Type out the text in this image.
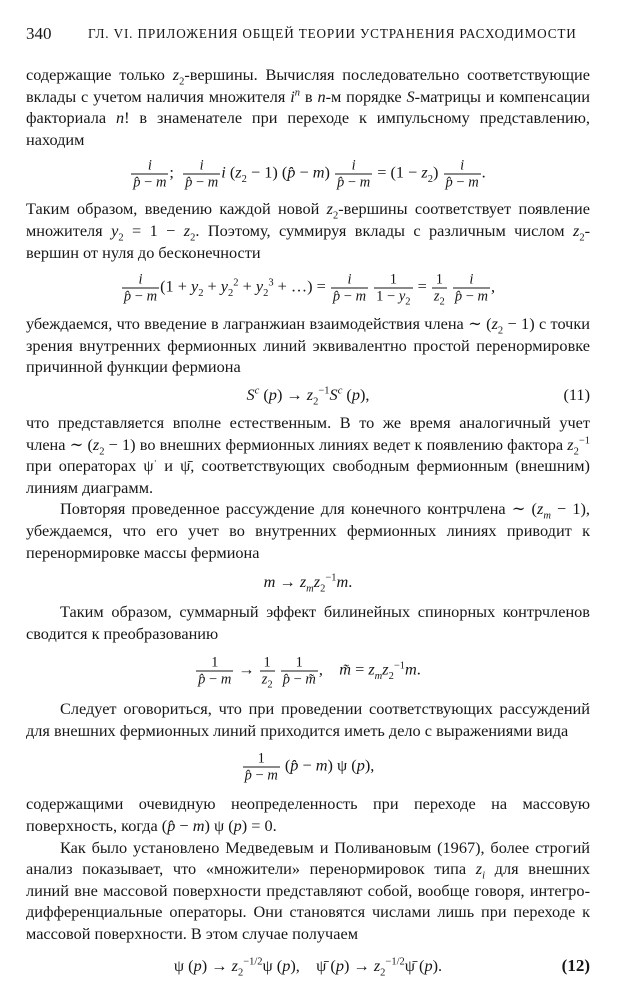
340	ГЛ. VI. ПРИЛОЖЕНИЯ ОБЩЕЙ ТЕОРИИ УСТРАНЕНИЯ РАСХОДИМОСТИ

содержащие только $z_2$-вершины. Вычисляя последовательно соответствующие вклады с учетом наличия множителя $i^n$ в n-м порядке S-матрицы и компенсации факториала n! в знаменателе при переходе к импульсному представлению, находим

$\frac{i}{p̂ - m}$ ; $\frac{i}{p̂ - m}$ i $(z_2 - 1)$ (p̂ − $m) \frac{i}{p̂ - m} = (1 - z_2) \frac{i}{p̂ - m}$ .

Таким образом, введению каждой новой $z_2$-вершины соответствует появление множителя $y_2 = 1 - z_2$. Поэтому, суммируя вклады с различным числом $z_2$-вершин от нуля до бесконечности

$\frac{i}{p̂ - m} (1 + y_2 + y_2^2 + y_2^3$ + …) = $\frac{i}{p̂ - m}$
$\frac{1}{1 - y_2} = \frac{1}{z_2}$
$\frac{i}{p̂ - m}$ ,

убеждаемся, что введение в лагранжиан взаимодействия члена ∼ $(z_2 - 1)$ с точки зрения внутренних фермионных линий эквивалентно простой перенормировке причинной функции фермиона

$S^c$ $(p) \to z_2^{-1}S^c$ (p),	(11)

что представляется вполне естественным. В то же время аналогичный учет члена ∼ $(z_2 - 1)$ во внешних фермионных линиях ведет к появлению фактора $z_2^{-1}$ при операторах ψ· и ψ̄, соответствующих свободным фермионным (внешним) линиям диаграмм.

Повторяя проведенное рассуждение для конечного контрчлена ∼ $(z_m - 1)$, убеждаемся, что его учет во внутренних фермионных линиях приводит к перенормировке массы фермиона

$m \to z_mz_2^{-1}m$.

Таким образом, суммарный эффект билинейных спинорных контрчленов сводится к преобразованию

$\frac{1}{p̂ - m} \to \frac{1}{z_2}$
$\frac{1}{p̂ - m̃}$ ,    m̃ = $z_mz_2^{-1}m$.

Следует оговориться, что при проведении соответствующих рассуждений для внешних фермионных линий приходится иметь дело с выражениями вида

$\frac{1}{p̂ - m}$ (p̂ − m) ψ (p),

содержащими очевидную неопределенность при переходе на массовую поверхность, когда (p̂ − m) ψ (p) = 0.

Как было установлено Медведевым и Поливановым (1967), более строгий анализ показывает, что «множители» перенормировок типа $z_i$ для внешних линий вне массовой поверхности представляют собой, вообще говоря, интегро-дифференциальные операторы. Они становятся числами лишь при переходе к массовой поверхности. В этом случае получаем

ψ $(p) \to z_2^{-1/2}\psi$ (p),    ψ̄ $(p) \to z_2^{-1/2}\psī$ (p).	(12)
